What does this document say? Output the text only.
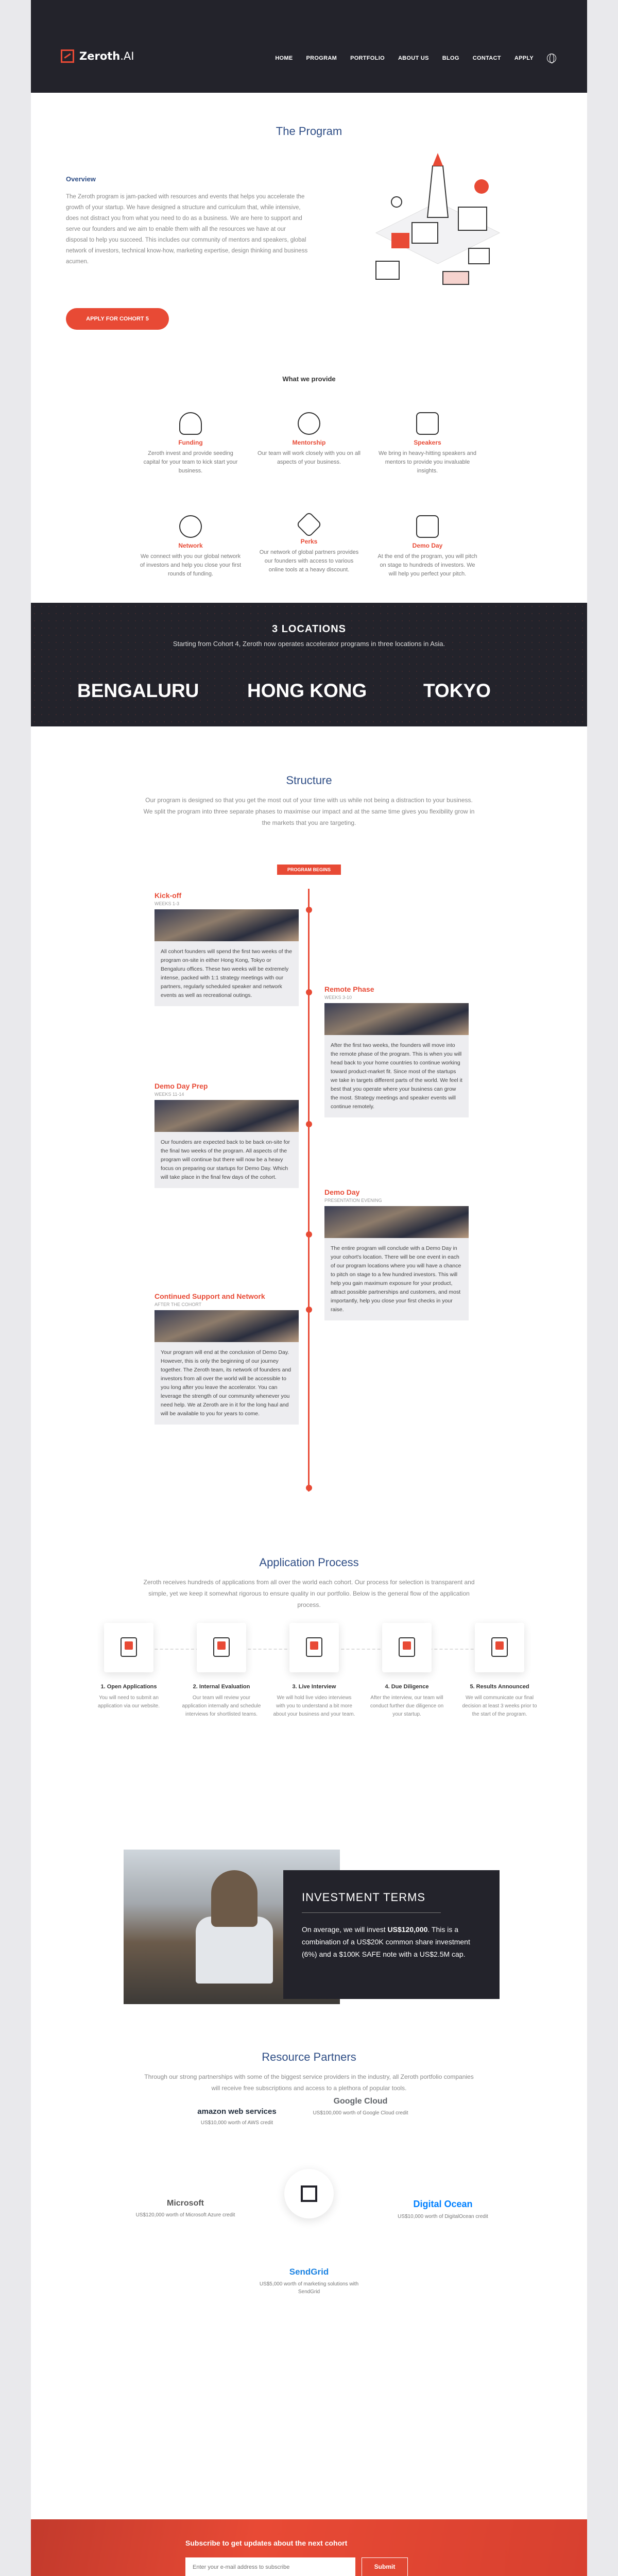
Zeroth.AI	HOME PROGRAM PORTFOLIO ABOUT US BLOG CONTACT APPLY
The Program
Overview
The Zeroth program is jam-packed with resources and events that helps you accelerate the growth of your startup. We have designed a structure and curriculum that, while intensive, does not distract you from what you need to do as a business. We are here to support and serve our founders and we aim to enable them with all the resources we have at our disposal to help you succeed. This includes our community of mentors and speakers, global network of investors, technical know-how, marketing expertise, design thinking and business acumen.
APPLY FOR COHORT 5
What we provide
Funding
Zeroth invest and provide seeding capital for your team to kick start your business.
Mentorship
Our team will work closely with you on all aspects of your business.
Speakers
We bring in heavy-hitting speakers and mentors to provide you invaluable insights.
Network
We connect with you our global network of investors and help you close your first rounds of funding.
Perks
Our network of global partners provides our founders with access to various online tools at a heavy discount.
Demo Day
At the end of the program, you will pitch on stage to hundreds of investors. We will help you perfect your pitch.
3 LOCATIONS
Starting from Cohort 4, Zeroth now operates accelerator programs in three locations in Asia.
BENGALURU	HONG KONG	TOKYO
Structure
Our program is designed so that you get the most out of your time with us while not being a distraction to your business. We split the program into three separate phases to maximise our impact and at the same time gives you flexibility grow in the markets that you are targeting.
PROGRAM BEGINS
Kick-off
WEEKS 1-3
All cohort founders will spend the first two weeks of the program on-site in either Hong Kong, Tokyo or Bengaluru offices. These two weeks will be extremely intense, packed with 1:1 strategy meetings with our partners, regularly scheduled speaker and network events as well as recreational outings.
Remote Phase
WEEKS 3-10
After the first two weeks, the founders will move into the remote phase of the program. This is when you will head back to your home countries to continue working toward product-market fit. Since most of the startups we take in targets different parts of the world. We feel it best that you operate where your business can grow the most. Strategy meetings and speaker events will continue remotely.
Demo Day Prep
WEEKS 11-14
Our founders are expected back to be back on-site for the final two weeks of the program. All aspects of the program will continue but there will now be a heavy focus on preparing our startups for Demo Day. Which will take place in the final few days of the cohort.
Demo Day
PRESENTATION EVENING
The entire program will conclude with a Demo Day in your cohort's location. There will be one event in each of our program locations where you will have a chance to pitch on stage to a few hundred investors. This will help you gain maximum exposure for your product, attract possible partnerships and customers, and most importantly, help you close your first checks in your raise.
Continued Support and Network
AFTER THE COHORT
Your program will end at the conclusion of Demo Day. However, this is only the beginning of our journey together. The Zeroth team, its network of founders and investors from all over the world will be accessible to you long after you leave the accelerator. You can leverage the strength of our community whenever you need help. We at Zeroth are in it for the long haul and will be available to you for years to come.
Application Process
Zeroth receives hundreds of applications from all over the world each cohort. Our process for selection is transparent and simple, yet we keep it somewhat rigorous to ensure quality in our portfolio. Below is the general flow of the application process.
1. Open Applications
You will need to submit an application via our website.
2. Internal Evaluation
Our team will review your application internally and schedule interviews for shortlisted teams.
3. Live Interview
We will hold live video interviews with you to understand a bit more about your business and your team.
4. Due Diligence
After the interview, our team will conduct further due diligence on your startup.
5. Results Announced
We will communicate our final decision at least 3 weeks prior to the start of the program.
INVESTMENT TERMS
On average, we will invest US$120,000. This is a combination of a US$20K common share investment (6%) and a $100K SAFE note with a US$2.5M cap.
Resource Partners
Through our strong partnerships with some of the biggest service providers in the industry, all Zeroth portfolio companies will receive free subscriptions and access to a plethora of popular tools.
amazon web services
US$10,000 worth of AWS credit
Google Cloud
US$100,000 worth of Google Cloud credit
Microsoft
US$120,000 worth of Microsoft Azure credit
Digital Ocean
US$10,000 worth of DigitalOcean credit
SendGrid
US$5,000 worth of marketing solutions with SendGrid
Subscribe to get updates about the next cohort
Enter your e-mail address to subscribe
Submit
